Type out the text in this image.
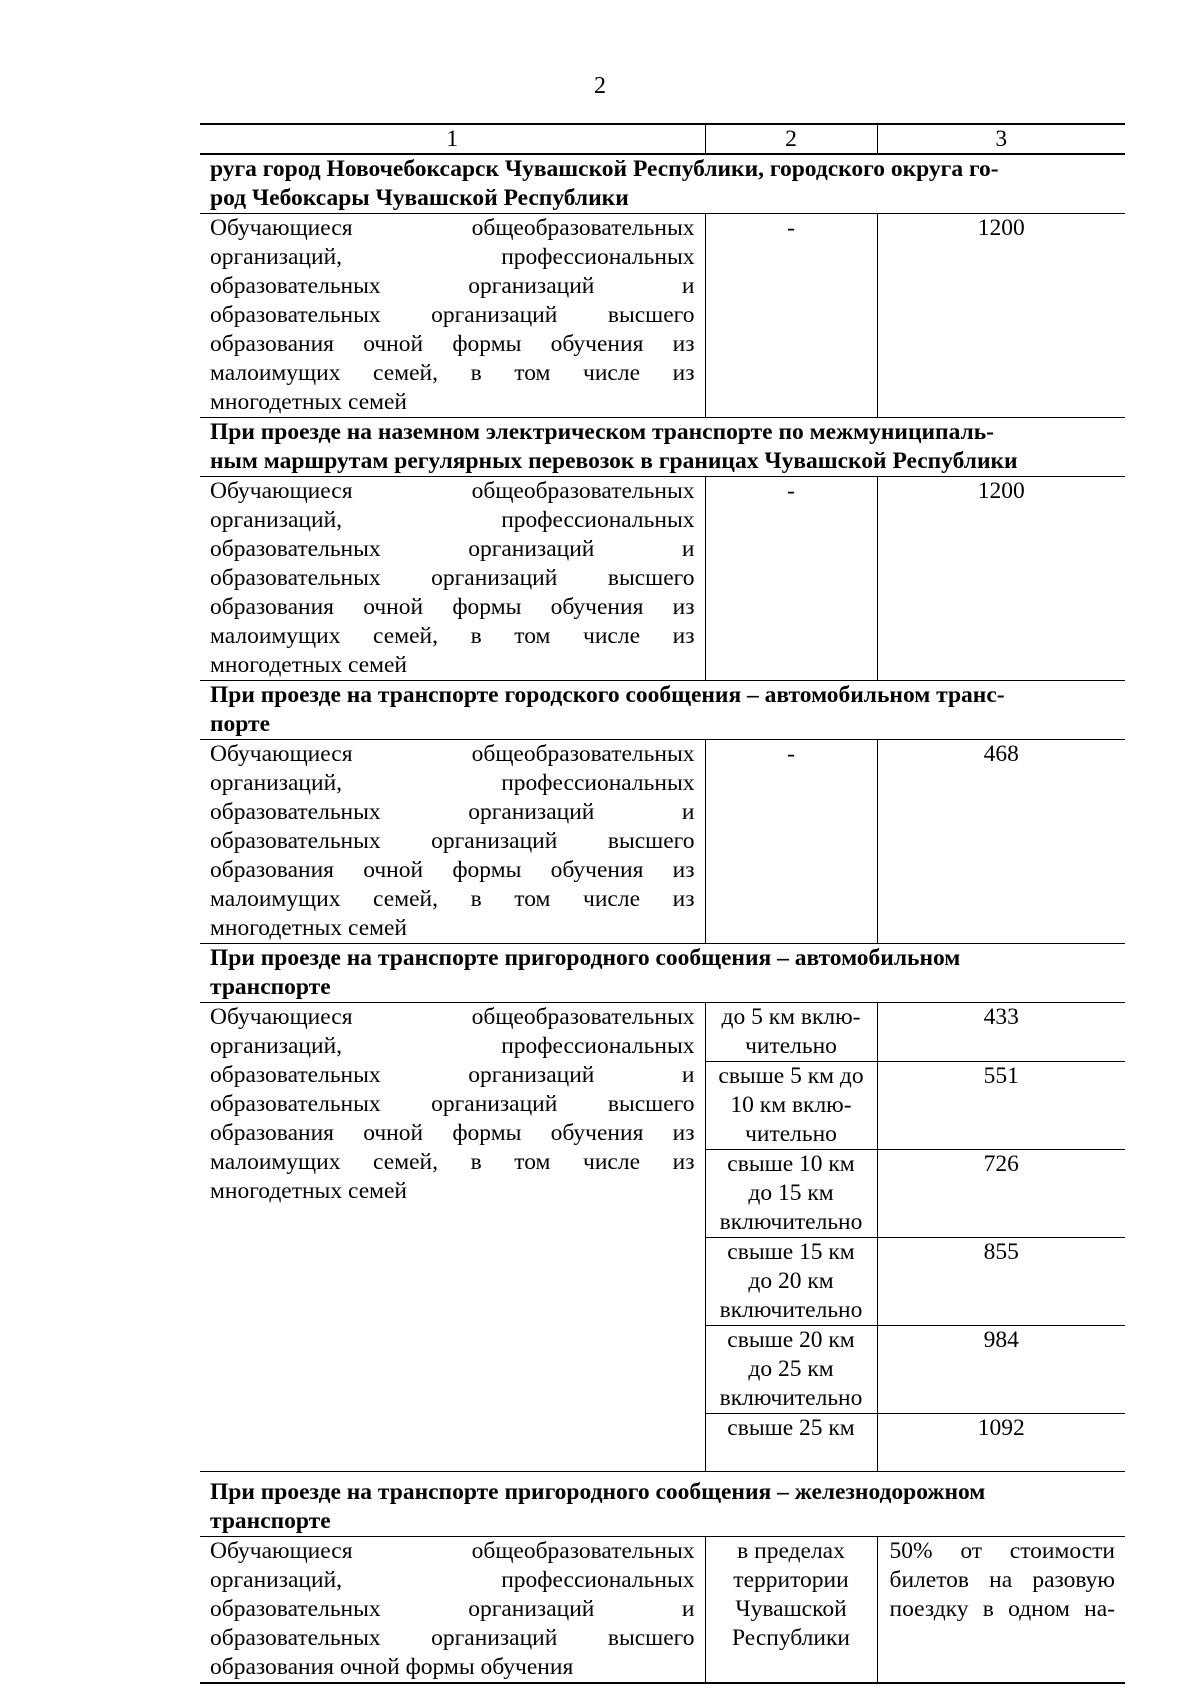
2
1	2	3

руга город Новочебоксарск Чувашской Республики, городского округа го-
род Чебоксары Чувашской Республики		

Обучающиеся общеобразовательных организаций, профессиональных образовательных организаций и образовательных организаций высшего образования очной формы обучения из малоимущих семей, в том числе из многодетных семей	-	1200

При проезде на наземном электрическом транспорте по межмуниципаль-
ным маршрутам регулярных перевозок в границах Чувашской Республики		

Обучающиеся общеобразовательных организаций, профессиональных образовательных организаций и образовательных организаций высшего образования очной формы обучения из малоимущих семей, в том числе из многодетных семей	-	1200

При проезде на транспорте городского сообщения – автомобильном транс-
порте		

Обучающиеся общеобразовательных организаций, профессиональных образовательных организаций и образовательных организаций высшего образования очной формы обучения из малоимущих семей, в том числе из многодетных семей	-	468

При проезде на транспорте пригородного сообщения – автомобильном
транспорте		

Обучающиеся общеобразовательных организаций, профессиональных образовательных организаций и образовательных организаций высшего образования очной формы обучения из малоимущих семей, в том числе из многодетных семей	до 5 км вклю- чительно	433
	свыше 5 км до 10 км вклю- чительно	551
	свыше 10 км до 15 км включительно	726
	свыше 15 км до 20 км включительно	855
	свыше 20 км до 25 км включительно	984
	свыше 25 км	1092

При проезде на транспорте пригородного сообщения – железнодорожном
транспорте		

Обучающиеся общеобразовательных организаций, профессиональных образовательных организаций и образовательных организаций высшего образования очной формы обучения	в пределах территории Чувашской Республики	50% от стоимости билетов на разовую поездку в одном на-
